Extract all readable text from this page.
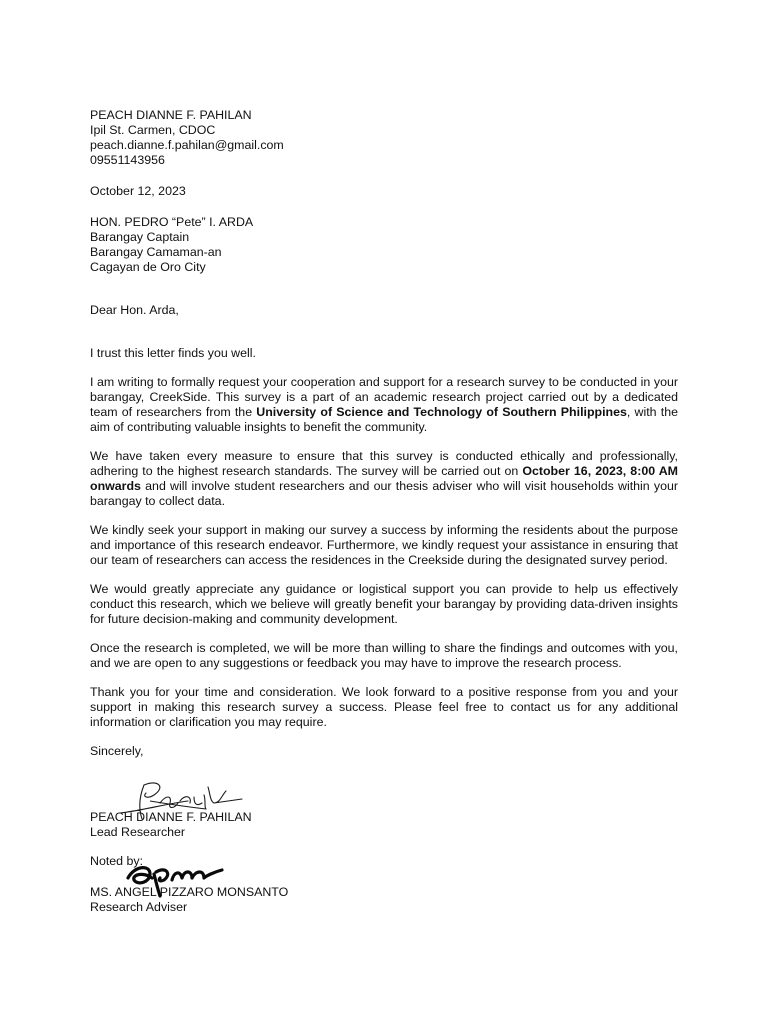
PEACH DIANNE F. PAHILAN
Ipil St. Carmen, CDOC
peach.dianne.f.pahilan@gmail.com
09551143956
October 12, 2023
HON. PEDRO “Pete” I. ARDA
Barangay Captain
Barangay Camaman-an
Cagayan de Oro City
Dear Hon. Arda,

I trust this letter finds you well.

I am writing to formally request your cooperation and support for a research survey to be conducted in your barangay, CreekSide. This survey is a part of an academic research project carried out by a dedicated team of researchers from the University of Science and Technology of Southern Philippines, with the aim of contributing valuable insights to benefit the community.

We have taken every measure to ensure that this survey is conducted ethically and professionally, adhering to the highest research standards. The survey will be carried out on October 16, 2023, 8:00 AM onwards and will involve student researchers and our thesis adviser who will visit households within your barangay to collect data.

We kindly seek your support in making our survey a success by informing the residents about the purpose and importance of this research endeavor. Furthermore, we kindly request your assistance in ensuring that our team of researchers can access the residences in the Creekside during the designated survey period.

We would greatly appreciate any guidance or logistical support you can provide to help us effectively conduct this research, which we believe will greatly benefit your barangay by providing data-driven insights for future decision-making and community development.

Once the research is completed, we will be more than willing to share the findings and outcomes with you, and we are open to any suggestions or feedback you may have to improve the research process.

Thank you for your time and consideration. We look forward to a positive response from you and your support in making this research survey a success. Please feel free to contact us for any additional information or clarification you may require.

Sincerely,
PEACH DIANNE F. PAHILAN
Lead Researcher
Noted by:
MS. ANGEL PIZZARO MONSANTO
Research Adviser
